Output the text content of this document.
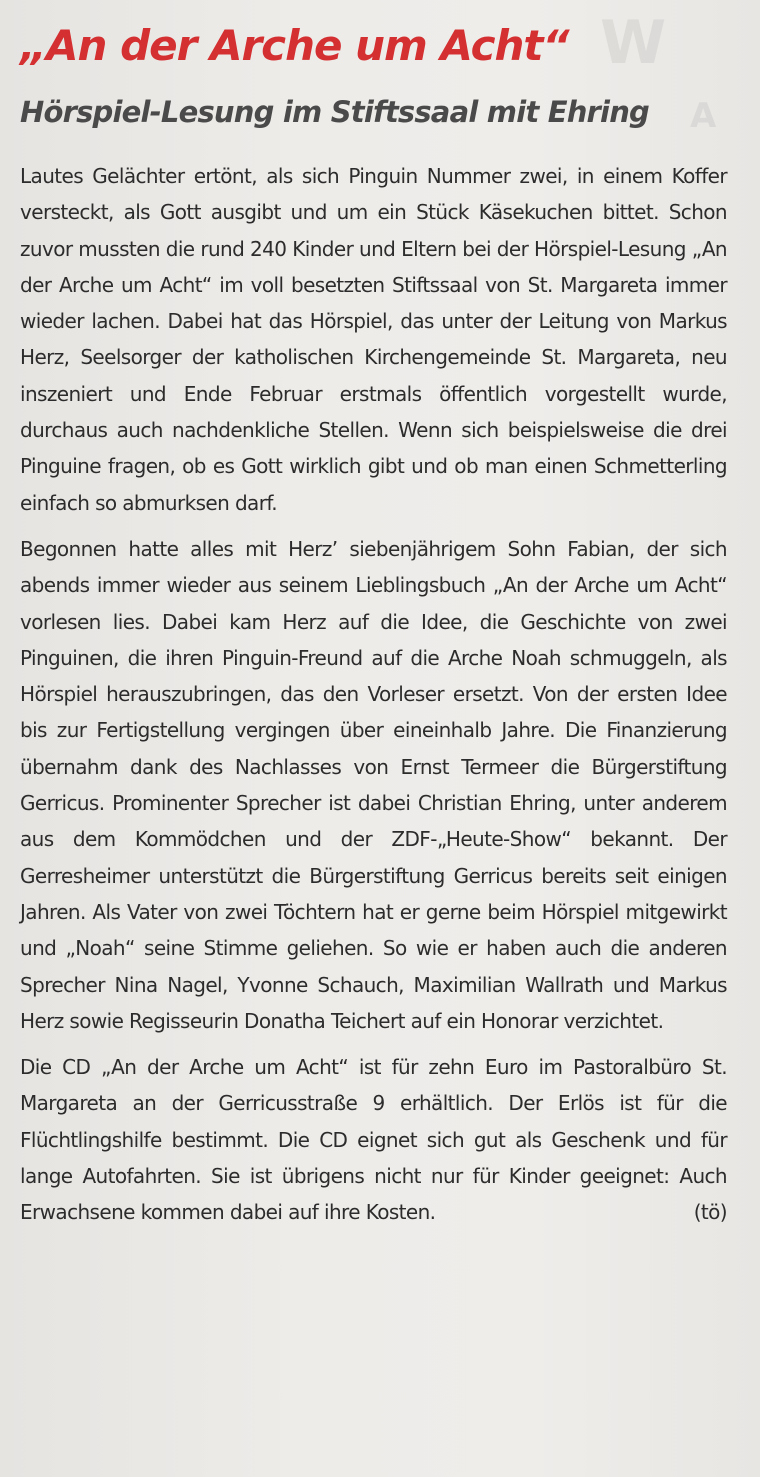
W
A
„An der Arche um Acht“
Hörspiel-Lesung im Stiftssaal mit Ehring

Lautes Gelächter ertönt, als sich Pinguin Nummer zwei, in einem Koffer versteckt, als Gott ausgibt und um ein Stück Käsekuchen bittet. Schon zuvor mussten die rund 240 Kinder und Eltern bei der Hörspiel-Lesung „An der Arche um Acht“ im voll besetzten Stiftssaal von St. Margareta immer wieder lachen. Dabei hat das Hörspiel, das unter der Leitung von Markus Herz, Seelsorger der katholischen Kirchengemeinde St. Margareta, neu inszeniert und Ende Februar erstmals öffentlich vorgestellt wurde, durchaus auch nachdenkliche Stellen. Wenn sich beispielsweise die drei Pinguine fragen, ob es Gott wirklich gibt und ob man einen Schmetterling einfach so abmurksen darf.

Begonnen hatte alles mit Herz’ siebenjährigem Sohn Fabian, der sich abends immer wieder aus seinem Lieblingsbuch „An der Arche um Acht“ vorlesen lies. Dabei kam Herz auf die Idee, die Geschichte von zwei Pinguinen, die ihren Pinguin-Freund auf die Arche Noah schmuggeln, als Hörspiel herauszubringen, das den Vorleser ersetzt. Von der ersten Idee bis zur Fertigstellung vergingen über eineinhalb Jahre. Die Finanzierung übernahm dank des Nachlasses von Ernst Termeer die Bürgerstiftung Gerricus. Prominenter Sprecher ist dabei Christian Ehring, unter anderem aus dem Kommödchen und der ZDF-„Heute-Show“ bekannt. Der Gerresheimer unterstützt die Bürgerstiftung Gerricus bereits seit einigen Jahren. Als Vater von zwei Töchtern hat er gerne beim Hörspiel mitgewirkt und „Noah“ seine Stimme geliehen. So wie er haben auch die anderen Sprecher Nina Nagel, Yvonne Schauch, Maximilian Wallrath und Markus Herz sowie Regisseurin Donatha Teichert auf ein Honorar verzichtet.

Die CD „An der Arche um Acht“ ist für zehn Euro im Pastoralbüro St. Margareta an der Gerricusstraße 9 erhältlich. Der Erlös ist für die Flüchtlingshilfe bestimmt. Die CD eignet sich gut als Geschenk und für lange Autofahrten. Sie ist übrigens nicht nur für Kinder geeignet: Auch Erwachsene kommen dabei auf ihre Kosten.	(tö)
